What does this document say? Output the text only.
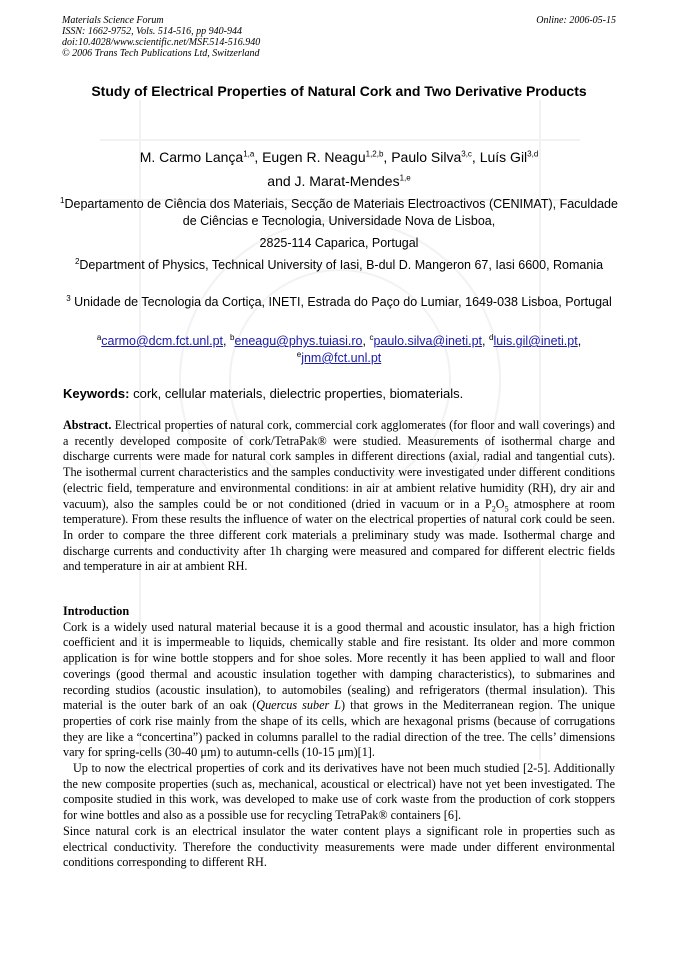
Materials Science Forum
ISSN: 1662-9752, Vols. 514-516, pp 940-944
doi:10.4028/www.scientific.net/MSF.514-516.940
© 2006 Trans Tech Publications Ltd, Switzerland
Online: 2006-05-15
Study of Electrical Properties of Natural Cork and Two Derivative Products
M. Carmo Lança$^{1,a}$, Eugen R. Neagu$^{1,2,b}$, Paulo Silva$^{3,c}$, Luís Gil$^{3,d}$
and J. Marat-Mendes$^{1,e}$
$^1$Departamento de Ciência dos Materiais, Secção de Materiais Electroactivos (CENIMAT), Faculdade de Ciências e Tecnologia, Universidade Nova de Lisboa,
2825-114 Caparica, Portugal
$^2$Department of Physics, Technical University of Iasi, B-dul D. Mangeron 67, Iasi 6600, Romania
$^3$ Unidade de Tecnologia da Cortiça, INETI, Estrada do Paço do Lumiar, 1649-038 Lisboa, Portugal
$^a$carmo@dcm.fct.unl.pt, $^b$eneagu@phys.tuiasi.ro, $^c$paulo.silva@ineti.pt, $^d$luis.gil@ineti.pt,
$^e$jnm@fct.unl.pt
Keywords: cork, cellular materials, dielectric properties, biomaterials.

Abstract. Electrical properties of natural cork, commercial cork agglomerates (for floor and wall coverings) and a recently developed composite of cork/TetraPak® were studied. Measurements of isothermal charge and discharge currents were made for natural cork samples in different directions (axial, radial and tangential cuts). The isothermal current characteristics and the samples conductivity were investigated under different conditions (electric field, temperature and environmental conditions: in air at ambient relative humidity (RH), dry air and vacuum), also the samples could be or not conditioned (dried in vacuum or in a $P_2O_5$ atmosphere at room temperature). From these results the influence of water on the electrical properties of natural cork could be seen. In order to compare the three different cork materials a preliminary study was made. Isothermal charge and discharge currents and conductivity after 1h charging were measured and compared for different electric fields and temperature in air at ambient RH.

Introduction

Cork is a widely used natural material because it is a good thermal and acoustic insulator, has a high friction coefficient and it is impermeable to liquids, chemically stable and fire resistant. Its older and more common application is for wine bottle stoppers and for shoe soles. More recently it has been applied to wall and floor coverings (good thermal and acoustic insulation together with damping characteristics), to submarines and recording studios (acoustic insulation), to automobiles (sealing) and refrigerators (thermal insulation). This material is the outer bark of an oak (Quercus suber L) that grows in the Mediterranean region. The unique properties of cork rise mainly from the shape of its cells, which are hexagonal prisms (because of corrugations they are like a “concertina”) packed in columns parallel to the radial direction of the tree. The cells’ dimensions vary for spring-cells (30-40 μm) to autumn-cells (10-15 μm)[1].

Up to now the electrical properties of cork and its derivatives have not been much studied [2-5]. Additionally the new composite properties (such as, mechanical, acoustical or electrical) have not yet been investigated. The composite studied in this work, was developed to make use of cork waste from the production of cork stoppers for wine bottles and also as a possible use for recycling TetraPak® containers [6].

Since natural cork is an electrical insulator the water content plays a significant role in properties such as electrical conductivity. Therefore the conductivity measurements were made under different environmental conditions corresponding to different RH.
